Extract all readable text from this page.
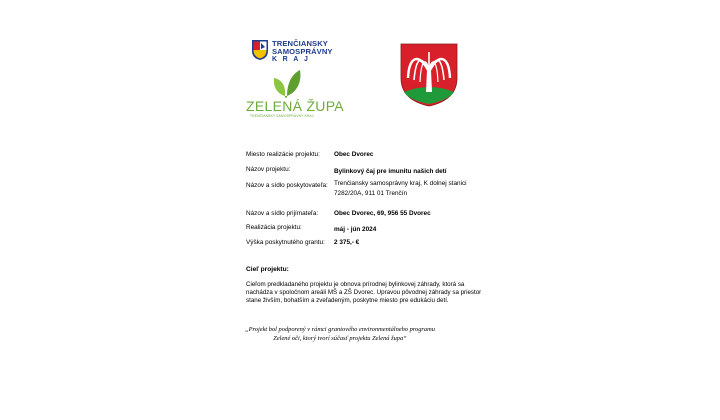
TRENČIANSKY
SAMOSPRÁVNY
KRAJ
ZELENÁ ŽUPA
TRENČIANSKY SAMOSPRÁVNY KRAJ
Miesto realizácie projektu: Obec Dvorec
Názov projektu:	Bylinkový čaj pre imunitu našich detí
Názov a sídlo poskytovateľa: Trenčiansky samosprávny kraj, K dolnej stanici
7282/20A, 911 01 Trenčín
Názov a sídlo prijímateľa: Obec Dvorec, 69, 956 55 Dvorec
Realizácia projektu:	máj - jún 2024
Výška poskytnutého grantu: 2 375,- €
Cieľ projektu:
Cieľom predkladaného projektu je obnova prírodnej bylinkovej záhrady, ktorá sa
nachádza v spoločnom areáli MŠ a ZŠ Dvorec. Upravou pôvodnej záhrady sa priestor
stane živším, bohatším a zveľadeným, poskytne miesto pre edukáciu detí.
„Projekt bol podporený v rámci grantového environmentálneho programu
Zelené oči, ktorý tvorí súčasť projektu Zelená župa“
